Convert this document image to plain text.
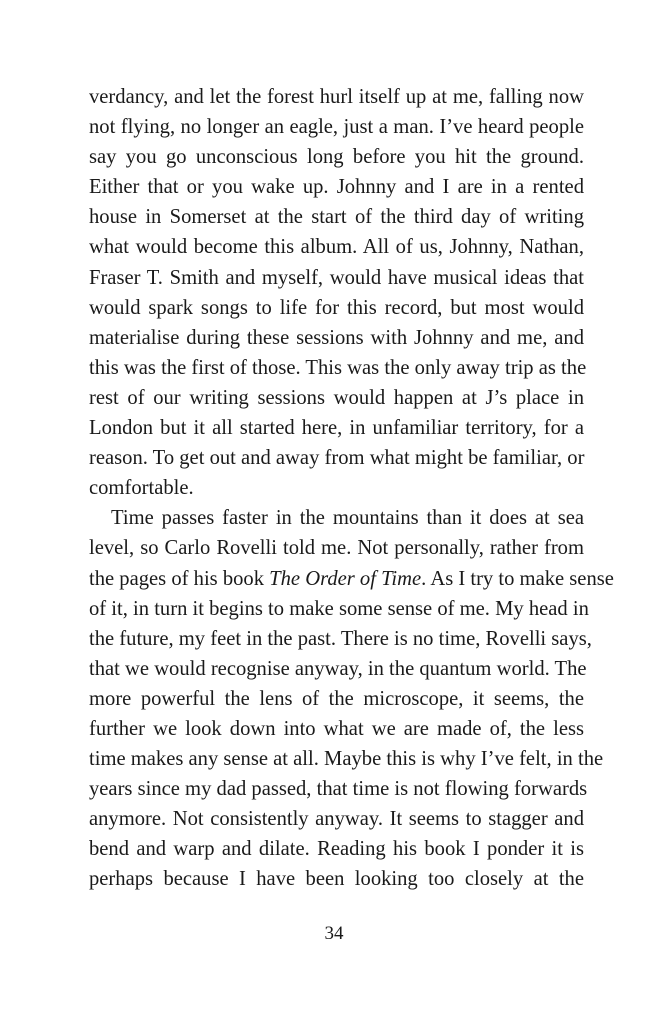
verdancy, and let the forest hurl itself up at me, falling now
not flying, no longer an eagle, just a man. I’ve heard people
say you go unconscious long before you hit the ground.
Either that or you wake up. Johnny and I are in a rented
house in Somerset at the start of the third day of writing
what would become this album. All of us, Johnny, Nathan,
Fraser T. Smith and myself, would have musical ideas that
would spark songs to life for this record, but most would
materialise during these sessions with Johnny and me, and
this was the first of those. This was the only away trip as the
rest of our writing sessions would happen at J’s place in
London but it all started here, in unfamiliar territory, for a
reason. To get out and away from what might be familiar, or
comfortable.
Time passes faster in the mountains than it does at sea
level, so Carlo Rovelli told me. Not personally, rather from
the pages of his book The Order of Time. As I try to make sense
of it, in turn it begins to make some sense of me. My head in
the future, my feet in the past. There is no time, Rovelli says,
that we would recognise anyway, in the quantum world. The
more powerful the lens of the microscope, it seems, the
further we look down into what we are made of, the less
time makes any sense at all. Maybe this is why I’ve felt, in the
years since my dad passed, that time is not flowing forwards
anymore. Not consistently anyway. It seems to stagger and
bend and warp and dilate. Reading his book I ponder it is
perhaps because I have been looking too closely at the
34
